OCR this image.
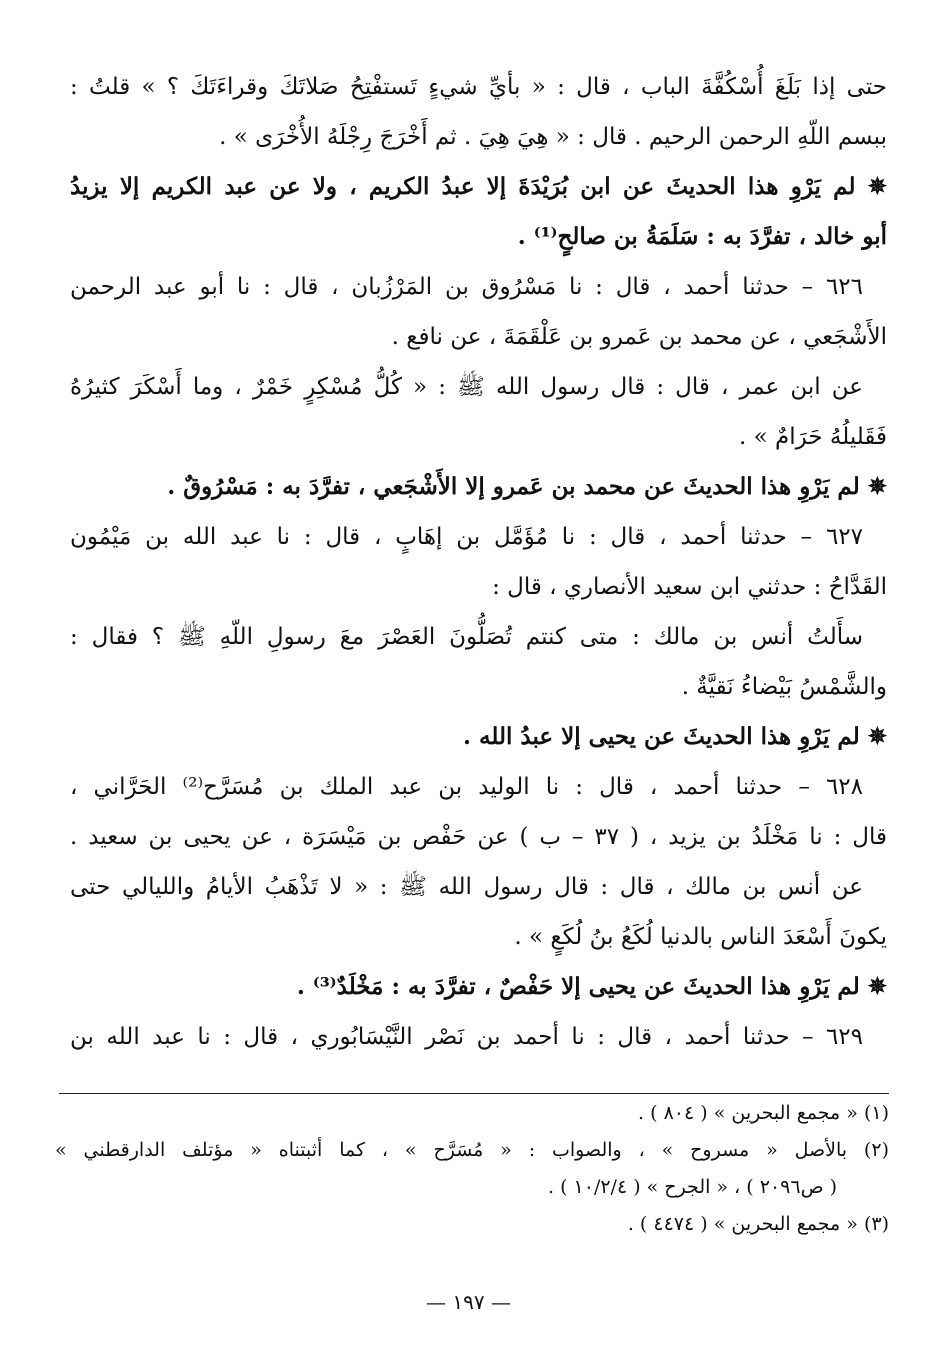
حتى إذا بَلَغَ أُسْكُفَّةَ الباب ، قال : « بأيِّ شيءٍ تَستفْتِحُ صَلاتَكَ وقراءَتَكَ ؟ » قلتُ :
ببسم اللّهِ الرحمن الرحيم . قال : « هِيَ هِيَ . ثم أَخْرَجَ رِجْلَهُ الأُخْرَى » .
✵ لم يَرْوِ هذا الحديثَ عن ابن بُرَيْدَةَ إلا عبدُ الكريم ، ولا عن عبد الكريم إلا يزيدُ
أبو خالد ، تفرَّدَ به : سَلَمَةُ بن صالحٍ⁽¹⁾ .
٦٢٦ – حدثنا أحمد ، قال : نا مَسْرُوق بن المَرْزُبان ، قال : نا أبو عبد الرحمن
الأَشْجَعي ، عن محمد بن عَمرو بن عَلْقَمَةَ ، عن نافع .
عن ابن عمر ، قال : قال رسول الله ﷺ : « كُلُّ مُسْكِرٍ خَمْرٌ ، وما أَسْكَرَ كثيرُهُ
فَقَليلُهُ حَرَامٌ » .
✵ لم يَرْوِ هذا الحديثَ عن محمد بن عَمرو إلا الأَشْجَعي ، تفرَّدَ به : مَسْرُوقٌ .
٦٢٧ – حدثنا أحمد ، قال : نا مُؤَمَّل بن إهَابٍ ، قال : نا عبد الله بن مَيْمُون
القَدَّاحُ : حدثني ابن سعيد الأنصاري ، قال :
سأَلتُ أنس بن مالك : متى كنتم تُصَلُّونَ العَصْرَ معَ رسولِ اللّهِ ﷺ ؟ فقال :
والشَّمْسُ بَيْضاءُ نَقيَّةٌ .
✵ لم يَرْوِ هذا الحديثَ عن يحيى إلا عبدُ الله .
٦٢٨ – حدثنا أحمد ، قال : نا الوليد بن عبد الملك بن مُسَرَّح⁽²⁾ الحَرَّاني ،
قال : نا مَخْلَدُ بن يزيد ، ( ٣٧ – ب ) عن حَفْص بن مَيْسَرَة ، عن يحيى بن سعيد .
عن أنس بن مالك ، قال : قال رسول الله ﷺ : « لا تَذْهَبُ الأيامُ والليالي حتى
يكونَ أَسْعَدَ الناس بالدنيا لُكَعُ بنُ لُكَعٍ » .
✵ لم يَرْوِ هذا الحديثَ عن يحيى إلا حَفْصٌ ، تفرَّدَ به : مَخْلَدٌ⁽³⁾ .
٦٢٩ – حدثنا أحمد ، قال : نا أحمد بن نَصْر النَّيْسَابُوري ، قال : نا عبد الله بن
(١) « مجمع البحرين » ( ٨٠٤ ) .
(٢) بالأصل « مسروح » ، والصواب : « مُسَرَّح » ، كما أثبتناه « مؤتلف الدارقطني »
( ص٢٠٩٦ ) ، « الجرح » ( ١٠/٢/٤ ) .
(٣) « مجمع البحرين » ( ٤٤٧٤ ) .
— ١٩٧ —
